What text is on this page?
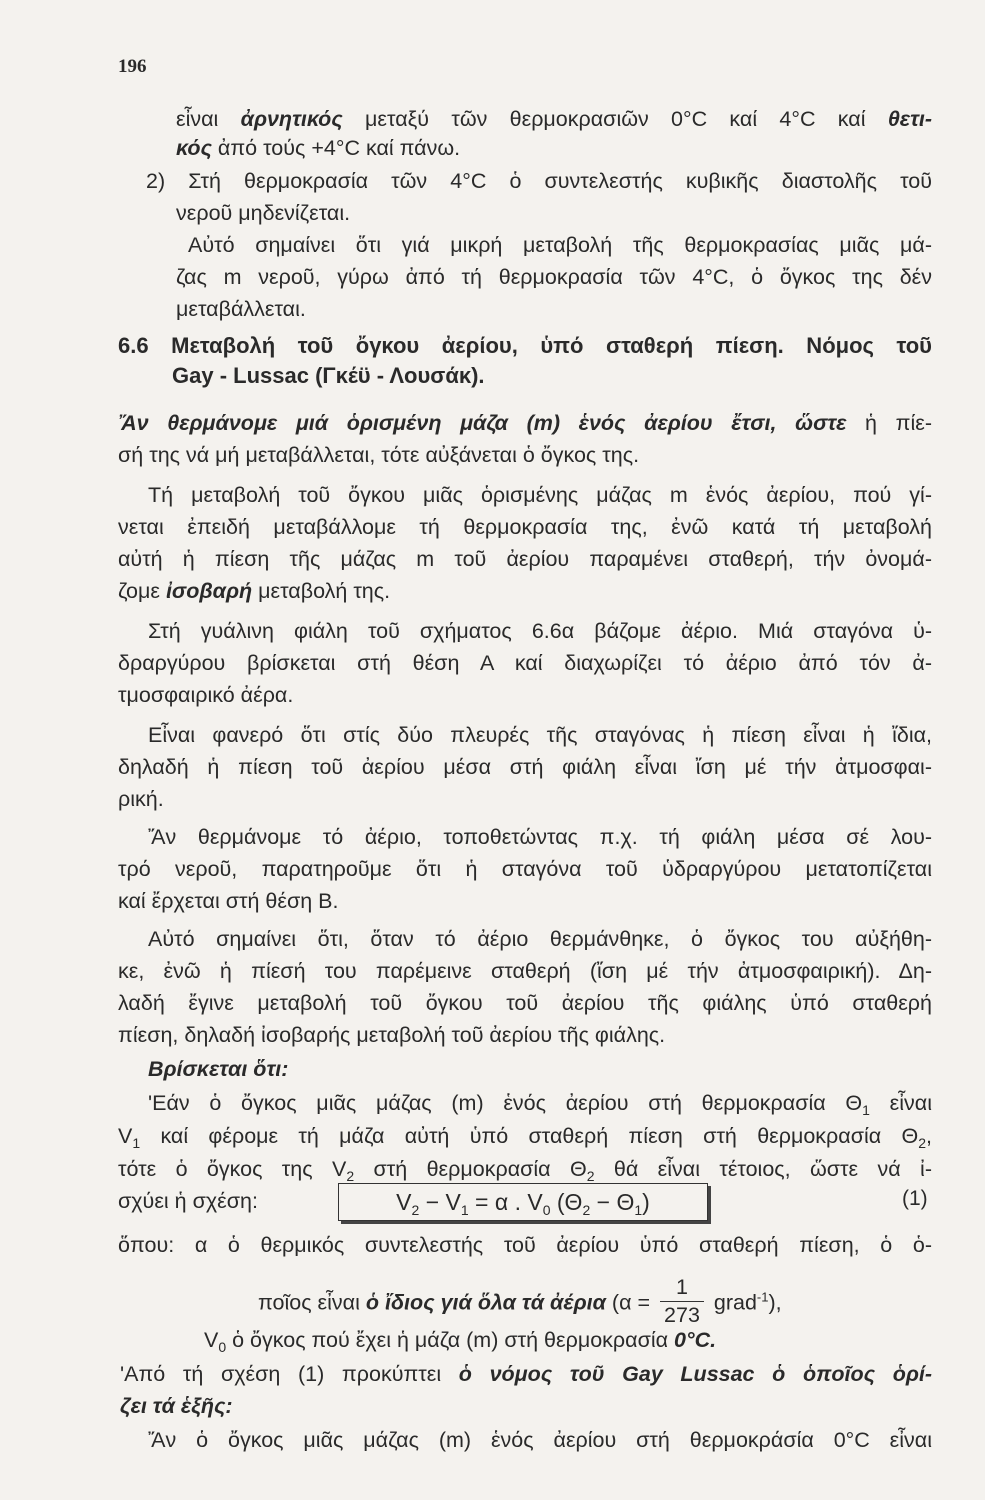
196
εἶναι ἀρνητικός μεταξύ τῶν θερμοκρασιῶν 0°C καί 4°C καί θετι-
κός ἀπό τούς +4°C καί πάνω.
2) Στή θερμοκρασία τῶν 4°C ὁ συντελεστής κυβικῆς διαστολῆς τοῦ
νεροῦ μηδενίζεται.
Αὐτό σημαίνει ὅτι γιά μικρή μεταβολή τῆς θερμοκρασίας μιᾶς μά-
ζας m νεροῦ, γύρω ἀπό τή θερμοκρασία τῶν 4°C, ὁ ὄγκος της δέν
μεταβάλλεται.
6.6 Μεταβολή τοῦ ὄγκου ἀερίου, ὑπό σταθερή πίεση. Νόμος τοῦ
Gay - Lussac (Γκέϋ - Λουσάκ).
Ἄν θερμάνομε μιά ὁρισμένη μάζα (m) ἑνός ἀερίου ἔτσι, ὥστε ἡ πίε-
σή της νά μή μεταβάλλεται, τότε αὐξάνεται ὁ ὄγκος της.
Τή μεταβολή τοῦ ὄγκου μιᾶς ὁρισμένης μάζας m ἑνός ἀερίου, πού γί-
νεται ἐπειδή μεταβάλλομε τή θερμοκρασία της, ἐνῶ κατά τή μεταβολή
αὐτή ἡ πίεση τῆς μάζας m τοῦ ἀερίου παραμένει σταθερή, τήν ὀνομά-
ζομε ἰσοβαρή μεταβολή της.
Στή γυάλινη φιάλη τοῦ σχήματος 6.6α βάζομε ἀέριο. Μιά σταγόνα ὑ-
δραργύρου βρίσκεται στή θέση Α καί διαχωρίζει τό ἀέριο ἀπό τόν ἀ-
τμοσφαιρικό ἀέρα.
Εἶναι φανερό ὅτι στίς δύο πλευρές τῆς σταγόνας ἡ πίεση εἶναι ἡ ἴδια,
δηλαδή ἡ πίεση τοῦ ἀερίου μέσα στή φιάλη εἶναι ἴση μέ τήν ἀτμοσφαι-
ρική.
Ἄν θερμάνομε τό ἀέριο, τοποθετώντας π.χ. τή φιάλη μέσα σέ λου-
τρό νεροῦ, παρατηροῦμε ὅτι ἡ σταγόνα τοῦ ὑδραργύρου μετατοπίζεται
καί ἔρχεται στή θέση Β.
Αὐτό σημαίνει ὅτι, ὅταν τό ἀέριο θερμάνθηκε, ὁ ὄγκος του αὐξήθη-
κε, ἐνῶ ἡ πίεσή του παρέμεινε σταθερή (ἴση μέ τήν ἀτμοσφαιρική). Δη-
λαδή ἔγινε μεταβολή τοῦ ὄγκου τοῦ ἀερίου τῆς φιάλης ὑπό σταθερή
πίεση, δηλαδή ἰσοβαρής μεταβολή τοῦ ἀερίου τῆς φιάλης.
Βρίσκεται ὅτι:
'Εάν ὁ ὄγκος μιᾶς μάζας (m) ἑνός ἀερίου στή θερμοκρασία $\Theta_1$ εἶναι
$V_1$ καί φέρομε τή μάζα αὐτή ὑπό σταθερή πίεση στή θερμοκρασία $\Theta_2$,
τότε ὁ ὄγκος της $V_2$ στή θερμοκρασία $\Theta_2$ θά εἶναι τέτοιος, ὥστε νά ἰ-
$V_2 - V_1 = \alpha$ . $V_0$ $(\Theta_2 - \Theta_1)$	(1)
ὅπου: α ὁ θερμικός συντελεστής τοῦ ἀερίου ὑπό σταθερή πίεση, ὁ ὁ-
ποῖος εἶναι ὁ ἴδιος γιά ὅλα τά ἀέρια ($\alpha = \frac{1}{273}$ grad$^{-1}$),
$V_0$ ὁ ὄγκος πού ἔχει ἡ μάζα (m) στή θερμοκρασία 0°C.
'Από τή σχέση (1) προκύπτει ὁ νόμος τοῦ Gay Lussac ὁ ὁποῖος ὁρί-
ζει τά ἑξῆς:
Ἄν ὁ ὄγκος μιᾶς μάζας (m) ἑνός ἀερίου στή θερμοκράσία 0°C εἶναι
σχύει ἡ σχέση:
